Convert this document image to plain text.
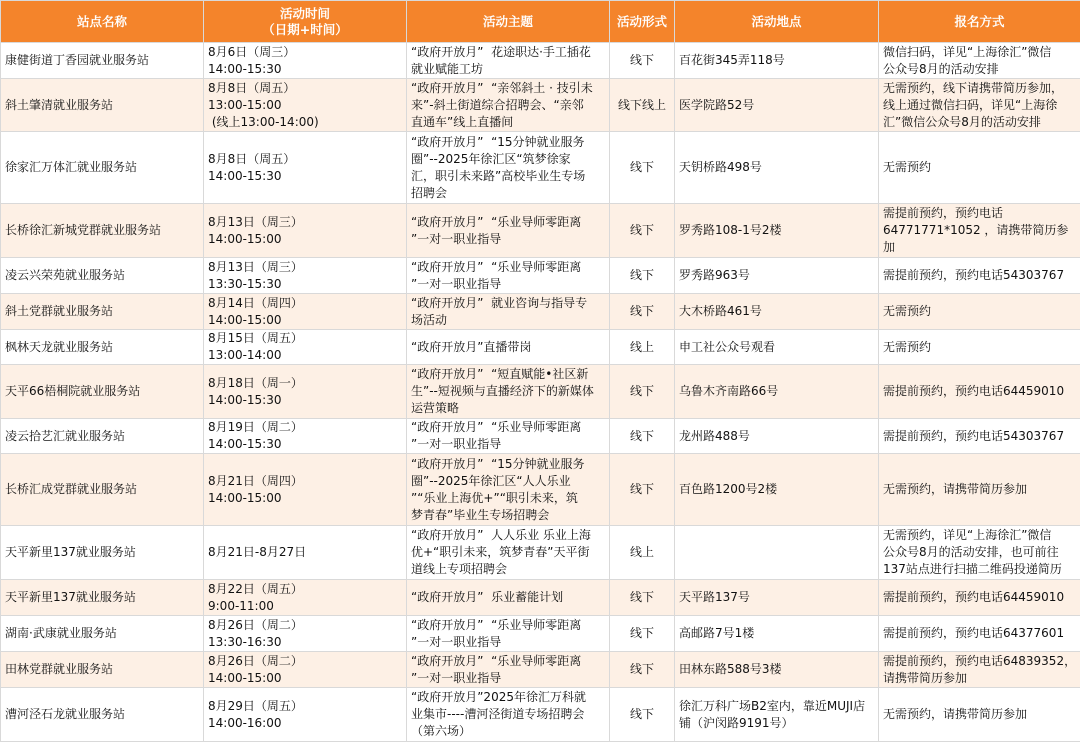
站点名称	活动时间
（日期+时间）	活动主题	活动形式	活动地点	报名方式

康健街道丁香园就业服务站	8月6日（周三）
14:00-15:30	“政府开放月”  花途职达·手工插花
就业赋能工坊	线下	百花街345弄118号	微信扫码，详见“上海徐汇”微信
公众号8月的活动安排

斜土肇清就业服务站	8月8日（周五）
13:00-15:00
(线上13:00-14:00)	“政府开放月”  “亲邻斜土 · 技引未
来”-斜土街道综合招聘会、“亲邻
直通车”线上直播间	线下线上	医学院路52号	无需预约，线下请携带简历参加，
线上通过微信扫码，详见“上海徐
汇”微信公众号8月的活动安排

徐家汇万体汇就业服务站	8月8日（周五）
14:00-15:30	“政府开放月”  “15分钟就业服务
圈”--2025年徐汇区“筑梦徐家
汇，职引未来路”高校毕业生专场
招聘会	线下	天钥桥路498号	无需预约

长桥徐汇新城党群就业服务站	8月13日（周三）
14:00-15:00	“政府开放月”  “乐业导师零距离
”一对一职业指导	线下	罗秀路108-1号2楼	需提前预约，预约电话
64771771*1052 ，请携带简历参
加

凌云兴荣苑就业服务站	8月13日（周三）
13:30-15:30	“政府开放月”  “乐业导师零距离
”一对一职业指导	线下	罗秀路963号	需提前预约，预约电话54303767

斜土党群就业服务站	8月14日（周四）
14:00-15:00	“政府开放月”  就业咨询与指导专
场活动	线下	大木桥路461号	无需预约

枫林天龙就业服务站	8月15日（周五）
13:00-14:00	“政府开放月”直播带岗	线上	申工社公众号观看	无需预约

天平66梧桐院就业服务站	8月18日（周一）
14:00-15:30	“政府开放月”  “短直赋能•社区新
生”--短视频与直播经济下的新媒体
运营策略	线下	乌鲁木齐南路66号	需提前预约，预约电话64459010

凌云拾艺汇就业服务站	8月19日（周二）
14:00-15:30	“政府开放月”  “乐业导师零距离
”一对一职业指导	线下	龙州路488号	需提前预约，预约电话54303767

长桥汇成党群就业服务站	8月21日（周四）
14:00-15:00	“政府开放月”  “15分钟就业服务
圈”--2025年徐汇区“人人乐业
”“乐业上海优+”“职引未来，筑
梦青春”毕业生专场招聘会	线下	百色路1200号2楼	无需预约，请携带简历参加

天平新里137就业服务站	8月21日-8月27日	“政府开放月”  人人乐业 乐业上海
优+“职引未来，筑梦青春”天平街
道线上专项招聘会	线上		无需预约，详见“上海徐汇”微信
公众号8月的活动安排，也可前往
137站点进行扫描二维码投递简历

天平新里137就业服务站	8月22日（周五）
9:00-11:00	“政府开放月”  乐业蓄能计划	线下	天平路137号	需提前预约，预约电话64459010

湖南·武康就业服务站	8月26日（周二）
13:30-16:30	“政府开放月”  “乐业导师零距离
”一对一职业指导	线下	高邮路7号1楼	需提前预约，预约电话64377601

田林党群就业服务站	8月26日（周二）
14:00-15:00	“政府开放月”  “乐业导师零距离
”一对一职业指导	线下	田林东路588号3楼	需提前预约，预约电话64839352，
请携带简历参加

漕河泾石龙就业服务站	8月29日（周五）
14:00-16:00	“政府开放月”2025年徐汇万科就
业集市----漕河泾街道专场招聘会
（第六场）	线下	徐汇万科广场B2室内，靠近MUJI店
铺（沪闵路9191号）	无需预约，请携带简历参加
